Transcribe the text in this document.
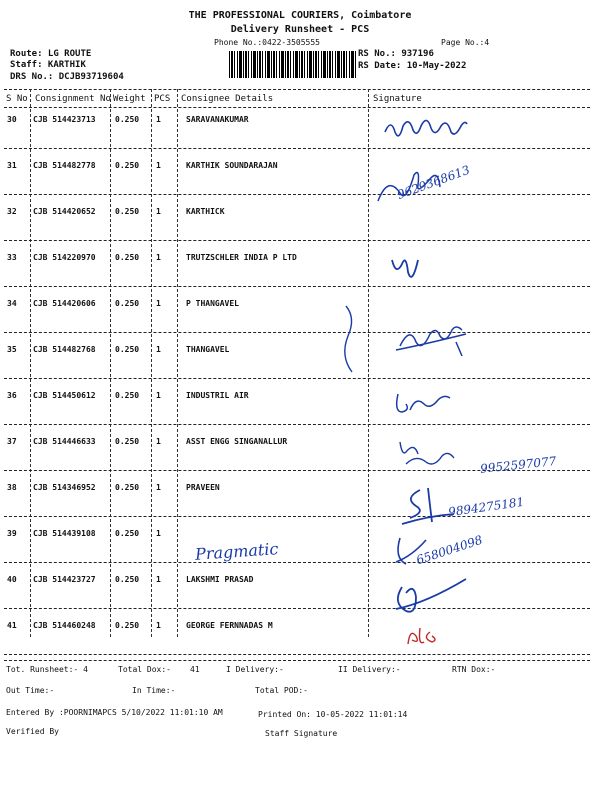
THE PROFESSIONAL COURIERS, Coimbatore
Delivery Runsheet - PCS
Phone No.:0422-3505555	Page No.:4
Route: LG ROUTE
Staff: KARTHIK
DRS No.: DCJB93719604
RS No.: 937196
RS Date: 10-May-2022
S No Consignment No Weight PCS Consignee Details	Signature
30 CJB 514423713 0.250 1	SARAVANAKUMAR
31 CJB 514482778 0.250 1	KARTHIK SOUNDARAJAN
32 CJB 514420652 0.250 1	KARTHICK
33 CJB 514220970 0.250 1	TRUTZSCHLER INDIA P LTD
34 CJB 514420606 0.250 1	P THANGAVEL
35 CJB 514482768 0.250 1	THANGAVEL
36 CJB 514450612 0.250 1	INDUSTRIL AIR
37 CJB 514446633 0.250 1	ASST ENGG SINGANALLUR
38 CJB 514346952 0.250 1	PRAVEEN
39 CJB 514439108 0.250 1
40 CJB 514423727 0.250 1	LAKSHMI PRASAD
41 CJB 514460248 0.250 1	GEORGE FERNNADAS M
9629368613
9952597077
9894275181
Pragmatic	658004098
Tot. Runsheet:- 4	Total Dox:- 41	I Delivery:-	II Delivery:-	RTN Dox:-
Out Time:-	In Time:-	Total POD:-
Entered By :POORNIMAPCS 5/10/2022 11:01:10 AM	Printed On: 10-05-2022 11:01:14
Verified By	Staff Signature
